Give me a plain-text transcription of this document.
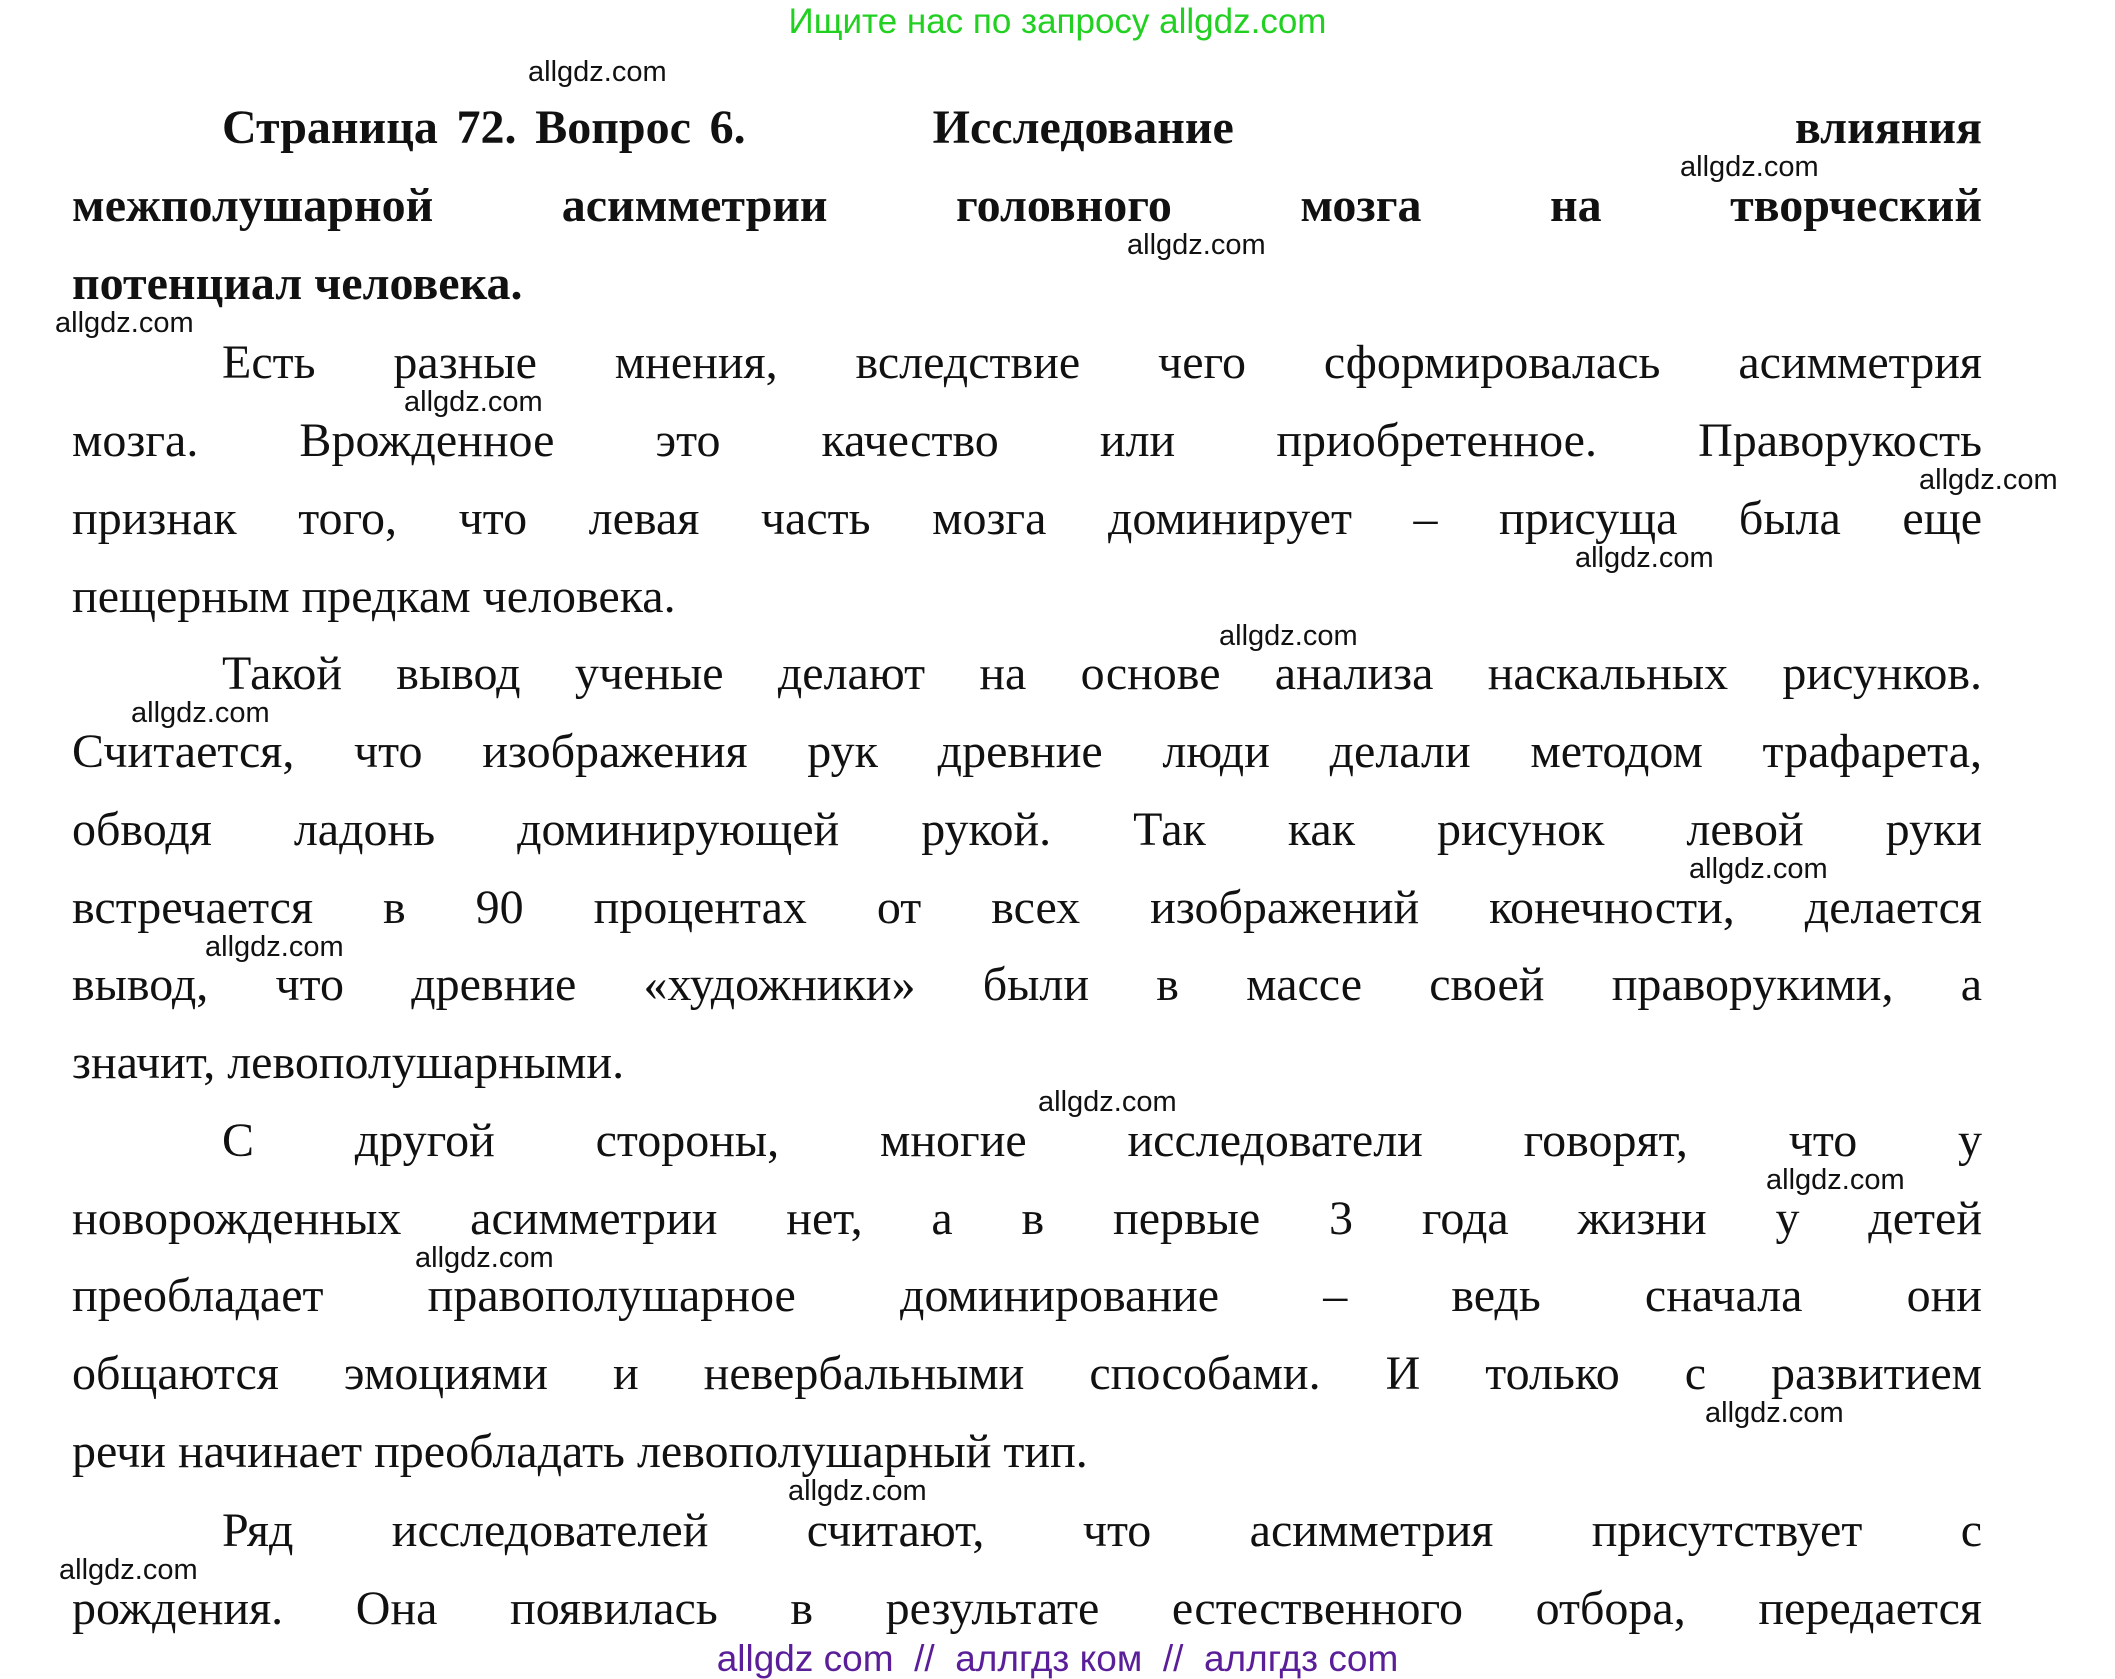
Ищите нас по запросу allgdz.com
Страница 72. Вопрос 6.          Исследование                              влияния
межполушарной асимметрии головного мозга на творческий
потенциал человека.
Есть разные мнения, вследствие чего сформировалась асимметрия
мозга. Врожденное это качество или приобретенное. Праворукость
признак того, что левая часть мозга доминирует – присуща была еще
пещерным предкам человека.
Такой вывод ученые делают на основе анализа наскальных рисунков.
Считается, что изображения рук древние люди делали методом трафарета,
обводя ладонь доминирующей рукой. Так как рисунок левой руки
встречается в 90 процентах от всех изображений конечности, делается
вывод, что древние «художники» были в массе своей праворукими, а
значит, левополушарными.
С другой стороны, многие исследователи говорят, что у
новорожденных асимметрии нет, а в первые 3 года жизни у детей
преобладает правополушарное доминирование – ведь сначала они
общаются эмоциями и невербальными способами. И только с развитием
речи начинает преобладать левополушарный тип.
Ряд исследователей считают, что асимметрия присутствует с
рождения. Она появилась в результате естественного отбора, передается
allgdz.com
allgdz.com
allgdz.com
allgdz.com
allgdz.com
allgdz.com
allgdz.com
allgdz.com
allgdz.com
allgdz.com
allgdz.com
allgdz.com
allgdz.com
allgdz.com
allgdz.com
allgdz.com
allgdz.com
allgdz com  //  аллгдз ком  //  аллгдз com
